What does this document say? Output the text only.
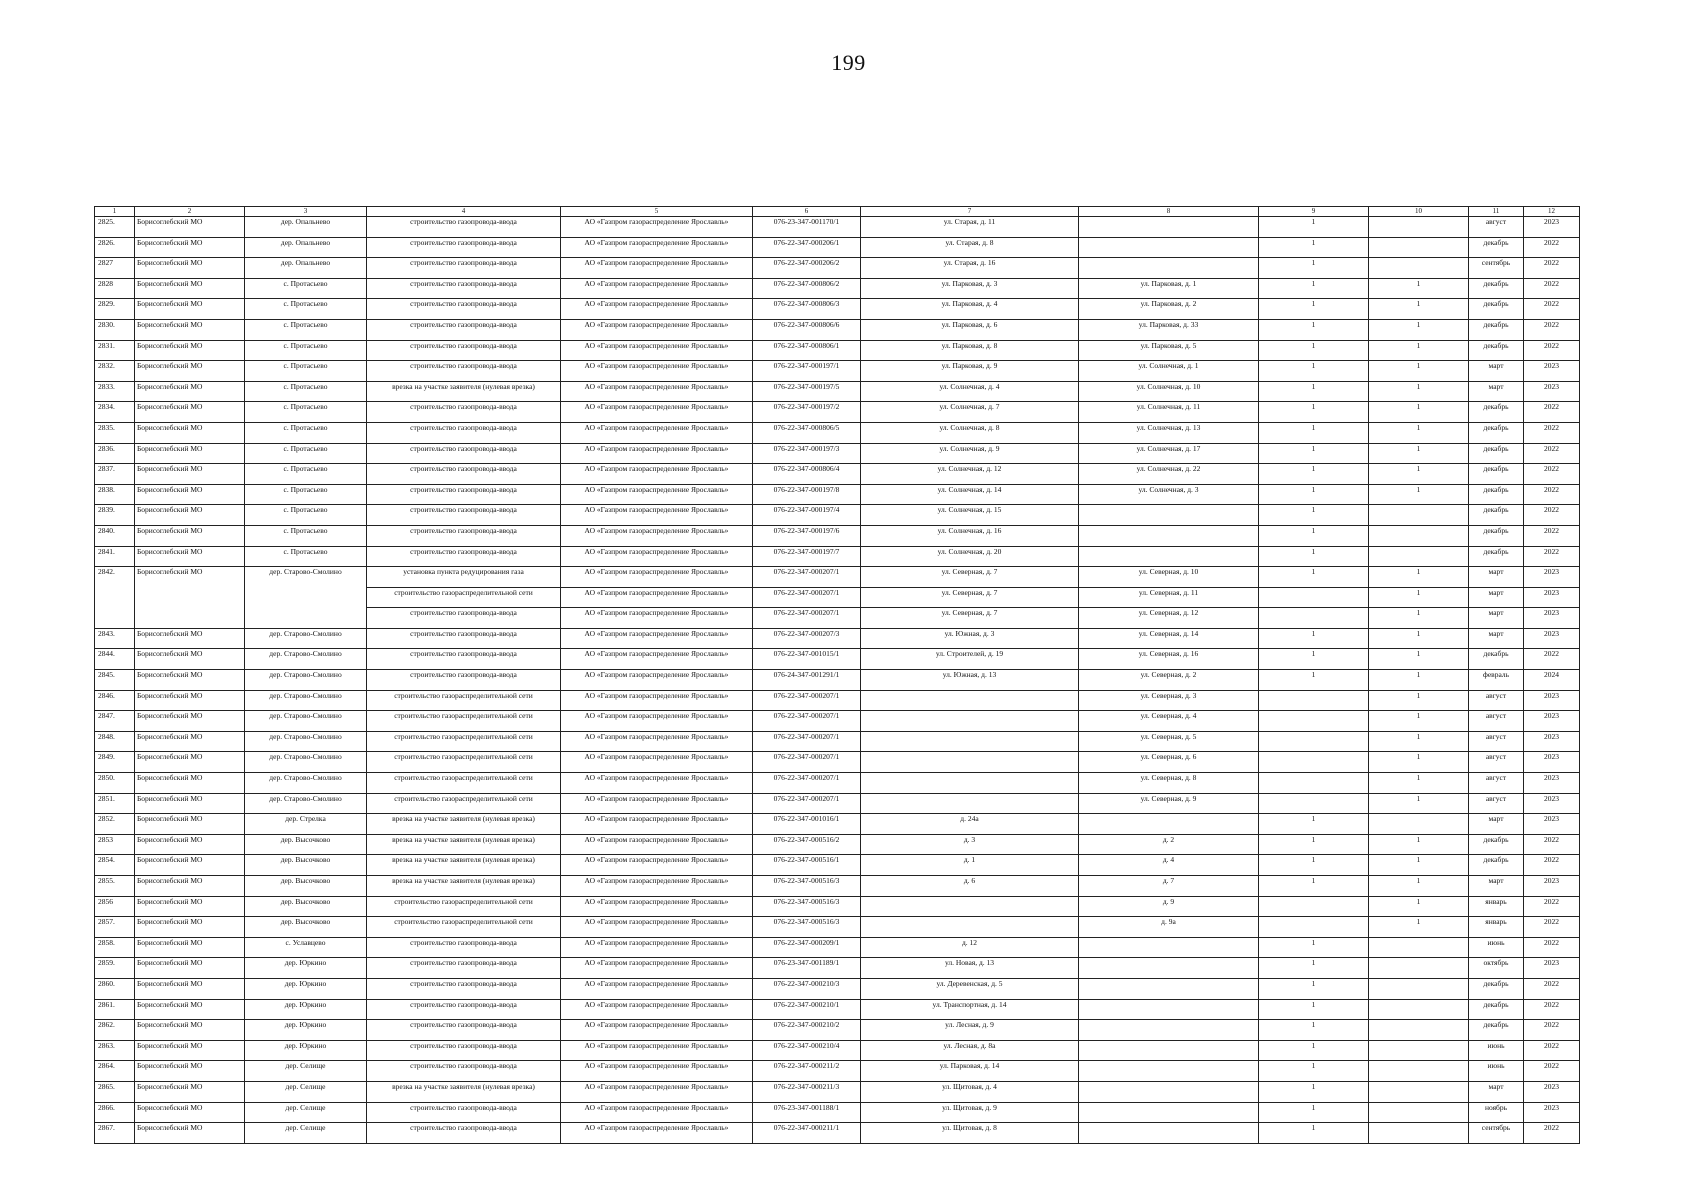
199
1	2	3	4	5	6	7	8	9	10	11	12
2825.	Борисоглебский МО	дер. Опальнево	строительство газопровода-ввода	АО «Газпром газораспределение Ярославль»	076-23-347-001170/1	ул. Старая, д. 11		1		август	2023
2826.	Борисоглебский МО	дер. Опальнево	строительство газопровода-ввода	АО «Газпром газораспределение Ярославль»	076-22-347-000206/1	ул. Старая, д. 8		1		декабрь	2022
2827	Борисоглебский МО	дер. Опальнево	строительство газопровода-ввода	АО «Газпром газораспределение Ярославль»	076-22-347-000206/2	ул. Старая, д. 16		1		сентябрь	2022
2828	Борисоглебский МО	с. Протасьево	строительство газопровода-ввода	АО «Газпром газораспределение Ярославль»	076-22-347-000806/2	ул. Парковая, д. 3	ул. Парковая, д. 1	1	1	декабрь	2022
2829.	Борисоглебский МО	с. Протасьево	строительство газопровода-ввода	АО «Газпром газораспределение Ярославль»	076-22-347-000806/3	ул. Парковая, д. 4	ул. Парковая, д. 2	1	1	декабрь	2022
2830.	Борисоглебский МО	с. Протасьево	строительство газопровода-ввода	АО «Газпром газораспределение Ярославль»	076-22-347-000806/6	ул. Парковая, д. 6	ул. Парковая, д. 33	1	1	декабрь	2022
2831.	Борисоглебский МО	с. Протасьево	строительство газопровода-ввода	АО «Газпром газораспределение Ярославль»	076-22-347-000806/1	ул. Парковая, д. 8	ул. Парковая, д. 5	1	1	декабрь	2022
2832.	Борисоглебский МО	с. Протасьево	строительство газопровода-ввода	АО «Газпром газораспределение Ярославль»	076-22-347-000197/1	ул. Парковая, д. 9	ул. Солнечная, д. 1	1	1	март	2023
2833.	Борисоглебский МО	с. Протасьево	врезка на участке заявителя (нулевая врезка)	АО «Газпром газораспределение Ярославль»	076-22-347-000197/5	ул. Солнечная, д. 4	ул. Солнечная, д. 10	1	1	март	2023
2834.	Борисоглебский МО	с. Протасьево	строительство газопровода-ввода	АО «Газпром газораспределение Ярославль»	076-22-347-000197/2	ул. Солнечная, д. 7	ул. Солнечная, д. 11	1	1	декабрь	2022
2835.	Борисоглебский МО	с. Протасьево	строительство газопровода-ввода	АО «Газпром газораспределение Ярославль»	076-22-347-000806/5	ул. Солнечная, д. 8	ул. Солнечная, д. 13	1	1	декабрь	2022
2836.	Борисоглебский МО	с. Протасьево	строительство газопровода-ввода	АО «Газпром газораспределение Ярославль»	076-22-347-000197/3	ул. Солнечная, д. 9	ул. Солнечная, д. 17	1	1	декабрь	2022
2837.	Борисоглебский МО	с. Протасьево	строительство газопровода-ввода	АО «Газпром газораспределение Ярославль»	076-22-347-000806/4	ул. Солнечная, д. 12	ул. Солнечная, д. 22	1	1	декабрь	2022
2838.	Борисоглебский МО	с. Протасьево	строительство газопровода-ввода	АО «Газпром газораспределение Ярославль»	076-22-347-000197/8	ул. Солнечная, д. 14	ул. Солнечная, д. 3	1	1	декабрь	2022
2839.	Борисоглебский МО	с. Протасьево	строительство газопровода-ввода	АО «Газпром газораспределение Ярославль»	076-22-347-000197/4	ул. Солнечная, д. 15		1		декабрь	2022
2840.	Борисоглебский МО	с. Протасьево	строительство газопровода-ввода	АО «Газпром газораспределение Ярославль»	076-22-347-000197/6	ул. Солнечная, д. 16		1		декабрь	2022
2841.	Борисоглебский МО	с. Протасьево	строительство газопровода-ввода	АО «Газпром газораспределение Ярославль»	076-22-347-000197/7	ул. Солнечная, д. 20		1		декабрь	2022
2842.	Борисоглебский МО	дер. Старово-Смолино	установка пункта редуцирования газа	АО «Газпром газораспределение Ярославль»	076-22-347-000207/1	ул. Северная, д. 7	ул. Северная, д. 10	1	1	март	2023
			строительство газораспределительной сети	АО «Газпром газораспределение Ярославль»	076-22-347-000207/1	ул. Северная, д. 7	ул. Северная, д. 11		1	март	2023
			строительство газопровода-ввода	АО «Газпром газораспределение Ярославль»	076-22-347-000207/1	ул. Северная, д. 7	ул. Северная, д. 12		1	март	2023
2843.	Борисоглебский МО	дер. Старово-Смолино	строительство газопровода-ввода	АО «Газпром газораспределение Ярославль»	076-22-347-000207/3	ул. Южная, д. 3	ул. Северная, д. 14	1	1	март	2023
2844.	Борисоглебский МО	дер. Старово-Смолино	строительство газопровода-ввода	АО «Газпром газораспределение Ярославль»	076-22-347-001015/1	ул. Строителей, д. 19	ул. Северная, д. 16	1	1	декабрь	2022
2845.	Борисоглебский МО	дер. Старово-Смолино	строительство газопровода-ввода	АО «Газпром газораспределение Ярославль»	076-24-347-001291/1	ул. Южная, д. 13	ул. Северная, д. 2	1	1	февраль	2024
2846.	Борисоглебский МО	дер. Старово-Смолино	строительство газораспределительной сети	АО «Газпром газораспределение Ярославль»	076-22-347-000207/1		ул. Северная, д. 3		1	август	2023
2847.	Борисоглебский МО	дер. Старово-Смолино	строительство газораспределительной сети	АО «Газпром газораспределение Ярославль»	076-22-347-000207/1		ул. Северная, д. 4		1	август	2023
2848.	Борисоглебский МО	дер. Старово-Смолино	строительство газораспределительной сети	АО «Газпром газораспределение Ярославль»	076-22-347-000207/1		ул. Северная, д. 5		1	август	2023
2849.	Борисоглебский МО	дер. Старово-Смолино	строительство газораспределительной сети	АО «Газпром газораспределение Ярославль»	076-22-347-000207/1		ул. Северная, д. 6		1	август	2023
2850.	Борисоглебский МО	дер. Старово-Смолино	строительство газораспределительной сети	АО «Газпром газораспределение Ярославль»	076-22-347-000207/1		ул. Северная, д. 8		1	август	2023
2851.	Борисоглебский МО	дер. Старово-Смолино	строительство газораспределительной сети	АО «Газпром газораспределение Ярославль»	076-22-347-000207/1		ул. Северная, д. 9		1	август	2023
2852.	Борисоглебский МО	дер. Стрелка	врезка на участке заявителя (нулевая врезка)	АО «Газпром газораспределение Ярославль»	076-22-347-001016/1	д. 24а		1		март	2023
2853	Борисоглебский МО	дер. Высочково	врезка на участке заявителя (нулевая врезка)	АО «Газпром газораспределение Ярославль»	076-22-347-000516/2	д. 3	д. 2	1	1	декабрь	2022
2854.	Борисоглебский МО	дер. Высочково	врезка на участке заявителя (нулевая врезка)	АО «Газпром газораспределение Ярославль»	076-22-347-000516/1	д. 1	д. 4	1	1	декабрь	2022
2855.	Борисоглебский МО	дер. Высочково	врезка на участке заявителя (нулевая врезка)	АО «Газпром газораспределение Ярославль»	076-22-347-000516/3	д. 6	д. 7	1	1	март	2023
2856	Борисоглебский МО	дер. Высочково	строительство газораспределительной сети	АО «Газпром газораспределение Ярославль»	076-22-347-000516/3		д. 9		1	январь	2022
2857.	Борисоглебский МО	дер. Высочково	строительство газораспределительной сети	АО «Газпром газораспределение Ярославль»	076-22-347-000516/3		д. 9а		1	январь	2022
2858.	Борисоглебский МО	с. Уславцево	строительство газопровода-ввода	АО «Газпром газораспределение Ярославль»	076-22-347-000209/1	д. 12		1		июнь	2022
2859.	Борисоглебский МО	дер. Юркино	строительство газопровода-ввода	АО «Газпром газораспределение Ярославль»	076-23-347-001189/1	ул. Новая, д. 13		1		октябрь	2023
2860.	Борисоглебский МО	дер. Юркино	строительство газопровода-ввода	АО «Газпром газораспределение Ярославль»	076-22-347-000210/3	ул. Деревенская, д. 5		1		декабрь	2022
2861.	Борисоглебский МО	дер. Юркино	строительство газопровода-ввода	АО «Газпром газораспределение Ярославль»	076-22-347-000210/1	ул. Транспортная, д. 14		1		декабрь	2022
2862.	Борисоглебский МО	дер. Юркино	строительство газопровода-ввода	АО «Газпром газораспределение Ярославль»	076-22-347-000210/2	ул. Лесная, д. 9		1		декабрь	2022
2863.	Борисоглебский МО	дер. Юркино	строительство газопровода-ввода	АО «Газпром газораспределение Ярославль»	076-22-347-000210/4	ул. Лесная, д. 8а		1		июнь	2022
2864.	Борисоглебский МО	дер. Селище	строительство газопровода-ввода	АО «Газпром газораспределение Ярославль»	076-22-347-000211/2	ул. Парковая, д. 14		1		июнь	2022
2865.	Борисоглебский МО	дер. Селище	врезка на участке заявителя (нулевая врезка)	АО «Газпром газораспределение Ярославль»	076-22-347-000211/3	ул. Щитовая, д. 4		1		март	2023
2866.	Борисоглебский МО	дер. Селище	строительство газопровода-ввода	АО «Газпром газораспределение Ярославль»	076-23-347-001188/1	ул. Щитовая, д. 9		1		ноябрь	2023
2867.	Борисоглебский МО	дер. Селище	строительство газопровода-ввода	АО «Газпром газораспределение Ярославль»	076-22-347-000211/1	ул. Щитовая, д. 8		1		сентябрь	2022
